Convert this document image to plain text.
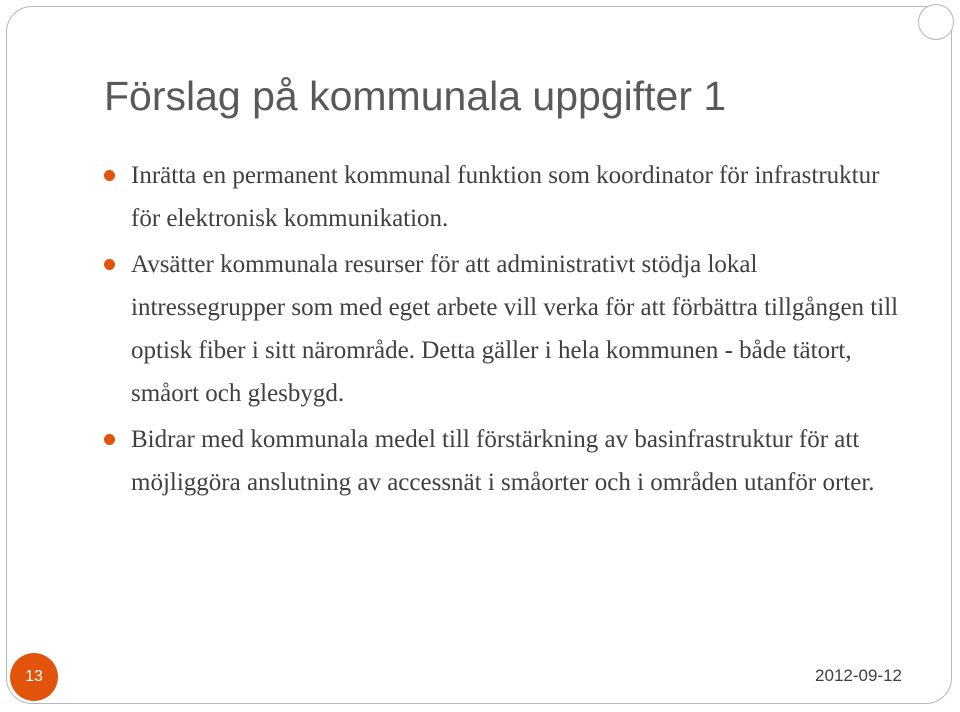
Förslag på kommunala uppgifter 1
Inrätta en permanent kommunal funktion som koordinator för infrastruktur för elektronisk kommunikation.
Avsätter kommunala resurser för att administrativt stödja lokal intressegrupper som med eget arbete vill verka för att förbättra tillgången till optisk fiber i sitt närområde. Detta gäller i hela kommunen - både tätort, småort och glesbygd.
Bidrar med kommunala medel till förstärkning av basinfrastruktur för att möjliggöra anslutning av accessnät i småorter och i områden utanför orter.
13	2012-09-12
